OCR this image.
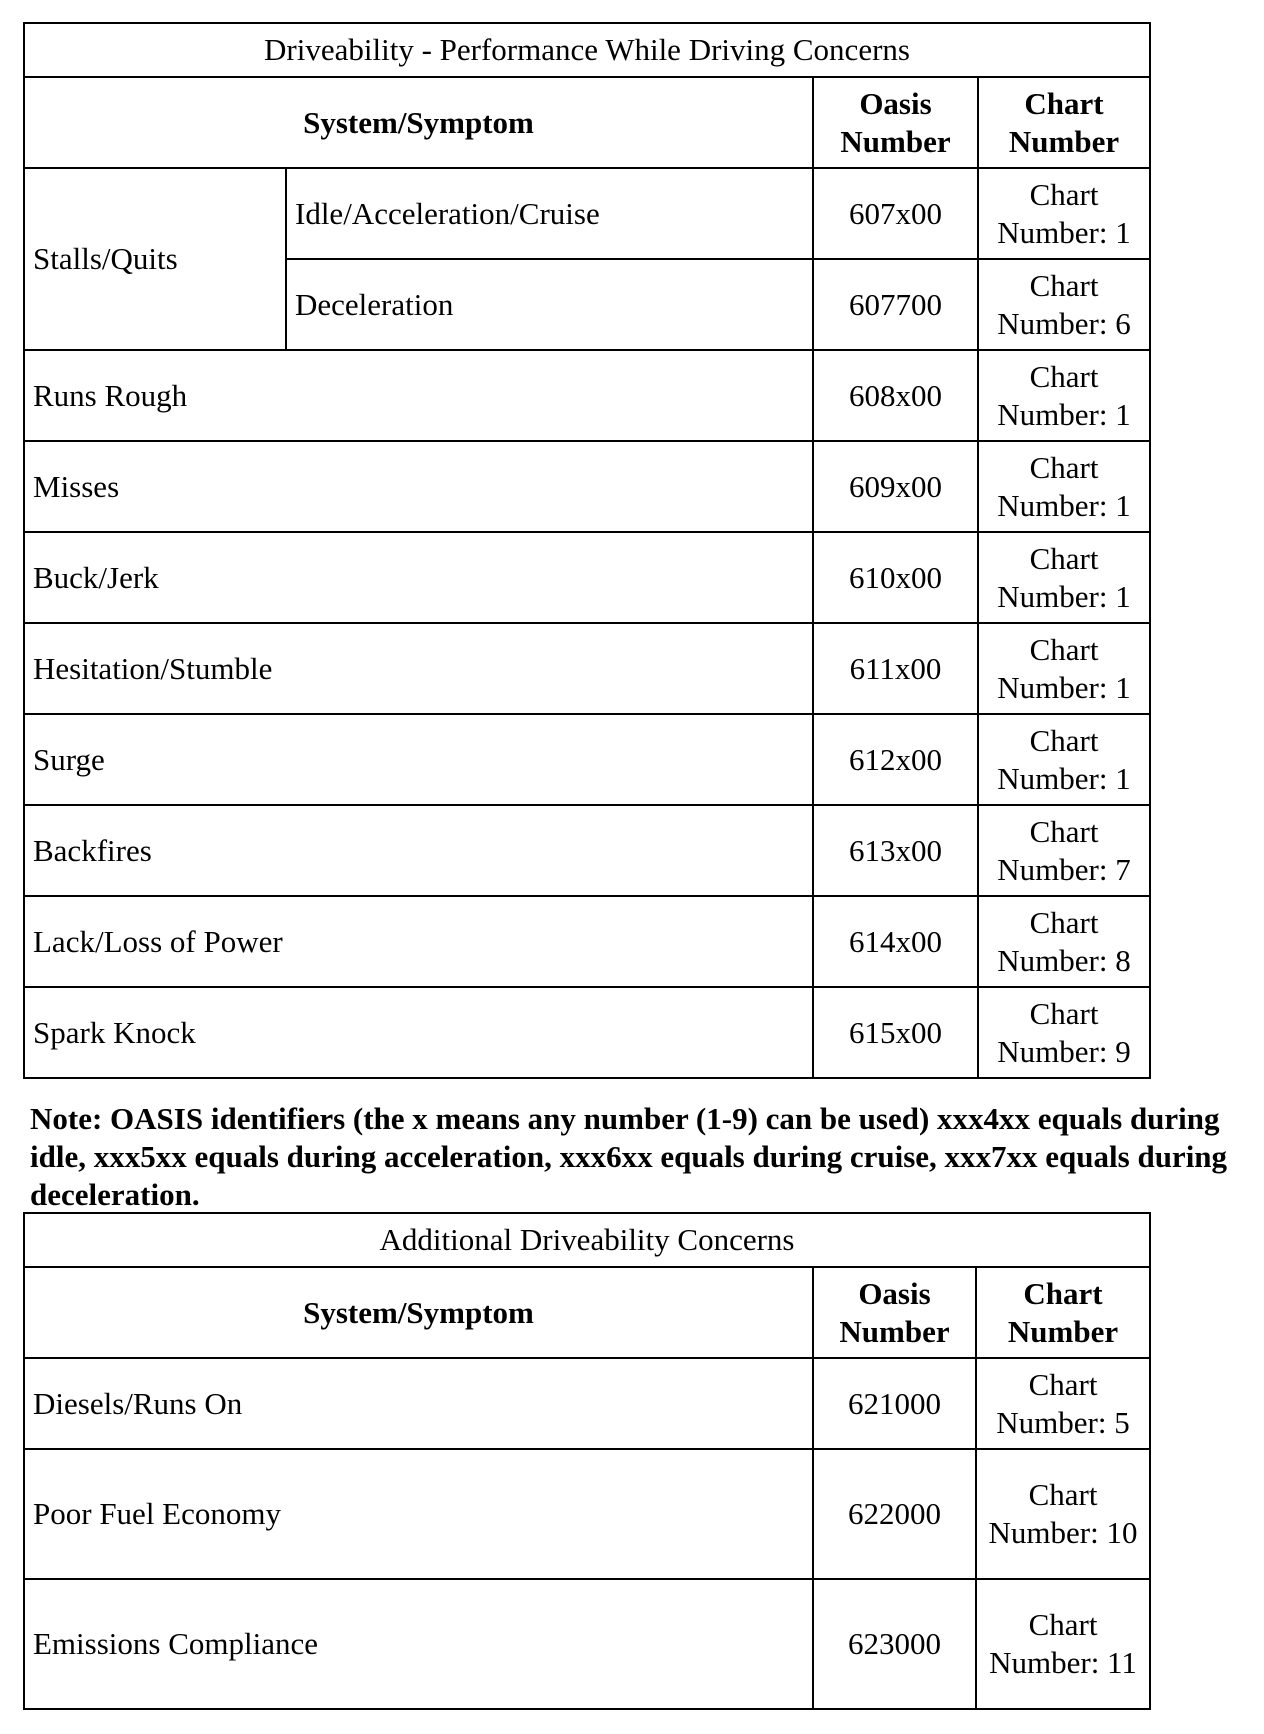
Driveability - Performance While Driving Concerns			
System/Symptom		Oasis Number	Chart Number
Stalls/Quits	Idle/Acceleration/Cruise	607x00	Chart Number: 1
	Deceleration	607700	Chart Number: 6
Runs Rough		608x00	Chart Number: 1
Misses		609x00	Chart Number: 1
Buck/Jerk		610x00	Chart Number: 1
Hesitation/Stumble		611x00	Chart Number: 1
Surge		612x00	Chart Number: 1
Backfires		613x00	Chart Number: 7
Lack/Loss of Power		614x00	Chart Number: 8
Spark Knock		615x00	Chart Number: 9
Note: OASIS identifiers (the x means any number (1-9) can be used) xxx4xx equals during idle, xxx5xx equals during acceleration, xxx6xx equals during cruise, xxx7xx equals during deceleration.
Additional Driveability Concerns		
System/Symptom	Oasis Number	Chart Number
Diesels/Runs On	621000	Chart Number: 5
Poor Fuel Economy	622000	Chart Number: 10
Emissions Compliance	623000	Chart Number: 11
